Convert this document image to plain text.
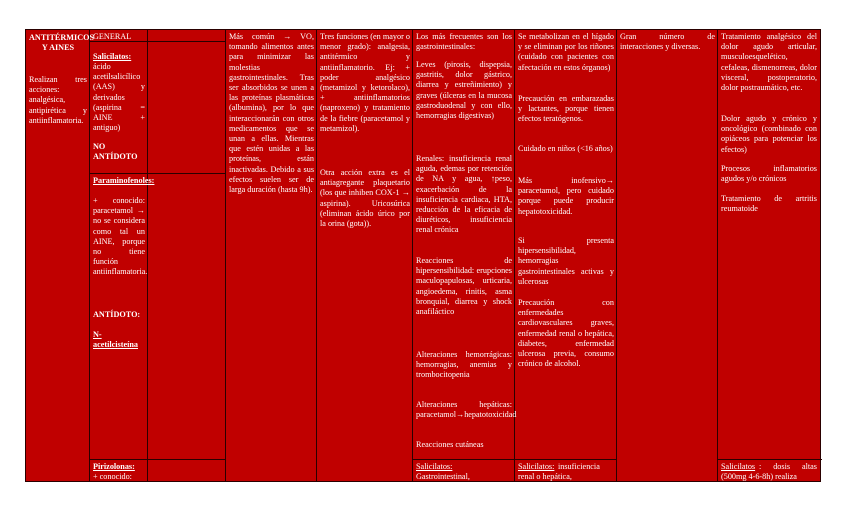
ANTITÉRMICOS Y AINES
Realizan tres acciones: analgésica, antipirética y antiinflamatoria.
GENERAL
Salicilatos:
ácido acetilsalicílico (AAS) y derivados (aspirina = AINE + antiguo)
NO ANTÍDOTO
Paraminofenoles:
+ conocido: paracetamol → no se considera como tal un AINE, porque no tiene función antiinflamatoria.
ANTÍDOTO:
N-acetilcisteína
Pirizolonas:
+ conocido:
Más común → VO, tomando alimentos antes para minimizar las molestias gastrointestinales. Tras ser absorbidos se unen a las proteínas plasmáticas (albumina), por lo que interaccionarán con otros medicamentos que se unan a ellas. Mientras que estén unidas a las proteínas, están inactivadas. Debido a sus efectos suelen ser de larga duración (hasta 9h).
Tres funciones (en mayor o menor grado): analgesia, antitérmico y antiinflamatorio. Ej: + poder analgésico (metamizol y ketorolaco), + antiinflamatorios (naproxeno) y tratamiento de la fiebre (paracetamol y metamizol).
Otra acción extra es el antiagregante plaquetario (los que inhiben COX-1 → aspirina). Uricosúrica (eliminan ácido úrico por la orina (gota)).
Los más frecuentes son los gastrointestinales:
Leves (pirosis, dispepsia, gastritis, dolor gástrico, diarrea y estreñimiento) y graves (úlceras en la mucosa gastroduodenal y con ello, hemorragias digestivas)
Renales: insuficiencia renal aguda, edemas por retención de NA y agua, ↑peso, exacerbación de la insuficiencia cardiaca, HTA, reducción de la eficacia de diuréticos, insuficiencia renal crónica
Reacciones de hipersensibilidad: erupciones maculopapulosas, urticaria, angioedema, rinitis, asma bronquial, diarrea y shock anafiláctico
Alteraciones hemorrágicas: hemorragias, anemias y trombocitopenia
Alteraciones hepáticas: paracetamol→hepatotoxicidad
Reacciones cutáneas
Salicilatos:
Gastrointestinal,
Se metabolizan en el hígado y se eliminan por los riñones (cuidado con pacientes con afectación en estos órganos)
Precaución en embarazadas y lactantes, porque tienen efectos teratógenos.
Cuidado en niños (<16 años)
Más inofensivo→ paracetamol, pero cuidado porque puede producir hepatotoxicidad.
Si presenta hipersensibilidad, hemorragias gastrointestinales activas y ulcerosas
Precaución con enfermedades cardiovasculares graves, enfermedad renal o hepática, diabetes, enfermedad ulcerosa previa, consumo crónico de alcohol.
Salicilatos: insuficiencia renal o hepática,
Gran número de interacciones y diversas.
Tratamiento analgésico del dolor agudo articular, musculoesquelético, cefaleas, dismenorreas, dolor visceral, postoperatorio, dolor postraumático, etc.
Dolor agudo y crónico y oncológico (combinado con opiáceos para potenciar los efectos)
Procesos inflamatorios agudos y/o crónicos
Tratamiento de artritis reumatoide
Salicilatos : dosis altas (500mg 4-6-8h) realiza
